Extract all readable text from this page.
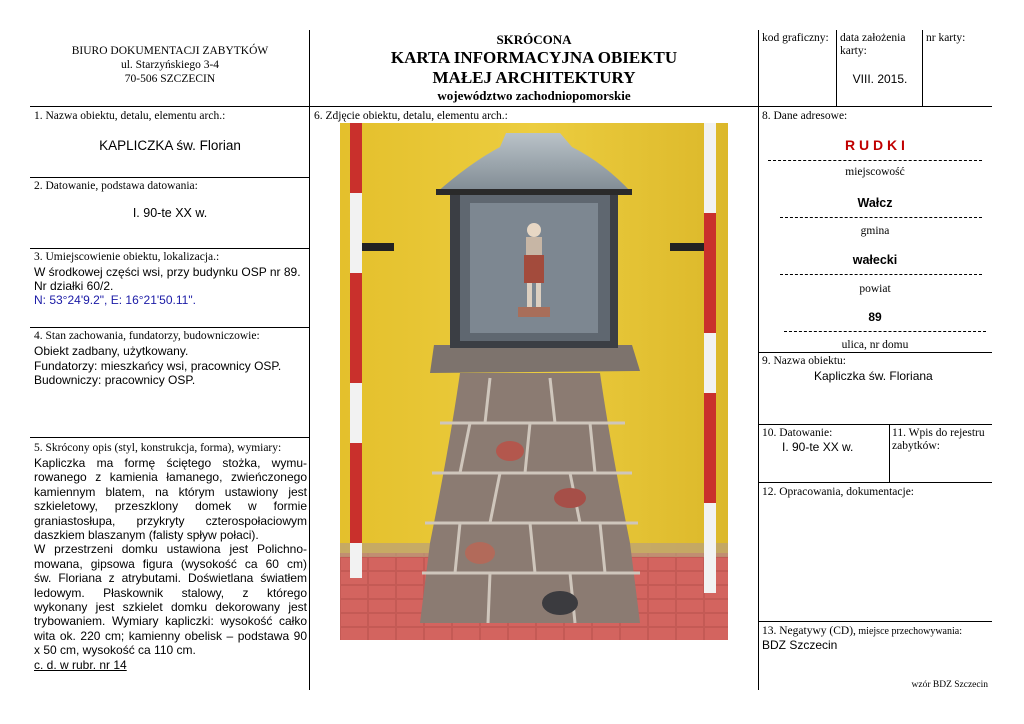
BIURO DOKUMENTACJI ZABYTKÓW
ul. Starzyńskiego 3-4
70-506 SZCZECIN
SKRÓCONA
KARTA INFORMACYJNA OBIEKTU
MAŁEJ ARCHITEKTURY
województwo zachodniopomorskie
kod graficzny: data założenia karty:
VIII. 2015.
nr karty:
1. Nazwa obiektu, detalu, elementu arch.:
KAPLICZKA św. Florian
2. Datowanie, podstawa datowania:
I. 90-te XX w.
3. Umiejscowienie obiektu, lokalizacja.:
W środkowej części wsi, przy budynku OSP nr 89.
Nr działki 60/2.
N: 53°24'9.2", E: 16°21'50.11".
4. Stan zachowania, fundatorzy, budowniczowie:
Obiekt zadbany, użytkowany.
Fundatorzy: mieszkańcy wsi, pracownicy OSP.
Budowniczy: pracownicy OSP.
5. Skrócony opis (styl, konstrukcja, forma), wymiary:
Kapliczka ma formę ściętego stożka, wymu-
rowanego z kamienia łamanego, zwieńczonego
kamiennym blatem, na którym ustawiony jest
szkieletowy, przeszklony domek w formie
graniastosłupa, przykryty czterospołaciowym
daszkiem blaszanym (falisty spływ połaci).
W przestrzeni domku ustawiona jest Polichno-
mowana, gipsowa figura (wysokość ca 60 cm)
św. Floriana z atrybutami. Doświetlana światłem
ledowym. Płaskownik stalowy, z którego
wykonany jest szkielet domku dekorowany jest
trybowaniem. Wymiary kapliczki: wysokość całko
wita ok. 220 cm; kamienny obelisk – podstawa 90
x 50 cm, wysokość ca 110 cm.
c. d. w rubr. nr 14
6. Zdjęcie obiektu, detalu, elementu arch.:	8. Dane adresowe:
R U D K I
miejscowość
Wałcz
gmina
wałecki
powiat
89
ulica, nr domu
9. Nazwa obiektu:
Kapliczka św. Floriana
10. Datowanie:
I. 90-te XX w.
11. Wpis do rejestru zabytków:
12. Opracowania, dokumentacje:
13. Negatywy (CD), miejsce przechowywania:
BDZ Szczecin
wzór BDZ Szczecin
